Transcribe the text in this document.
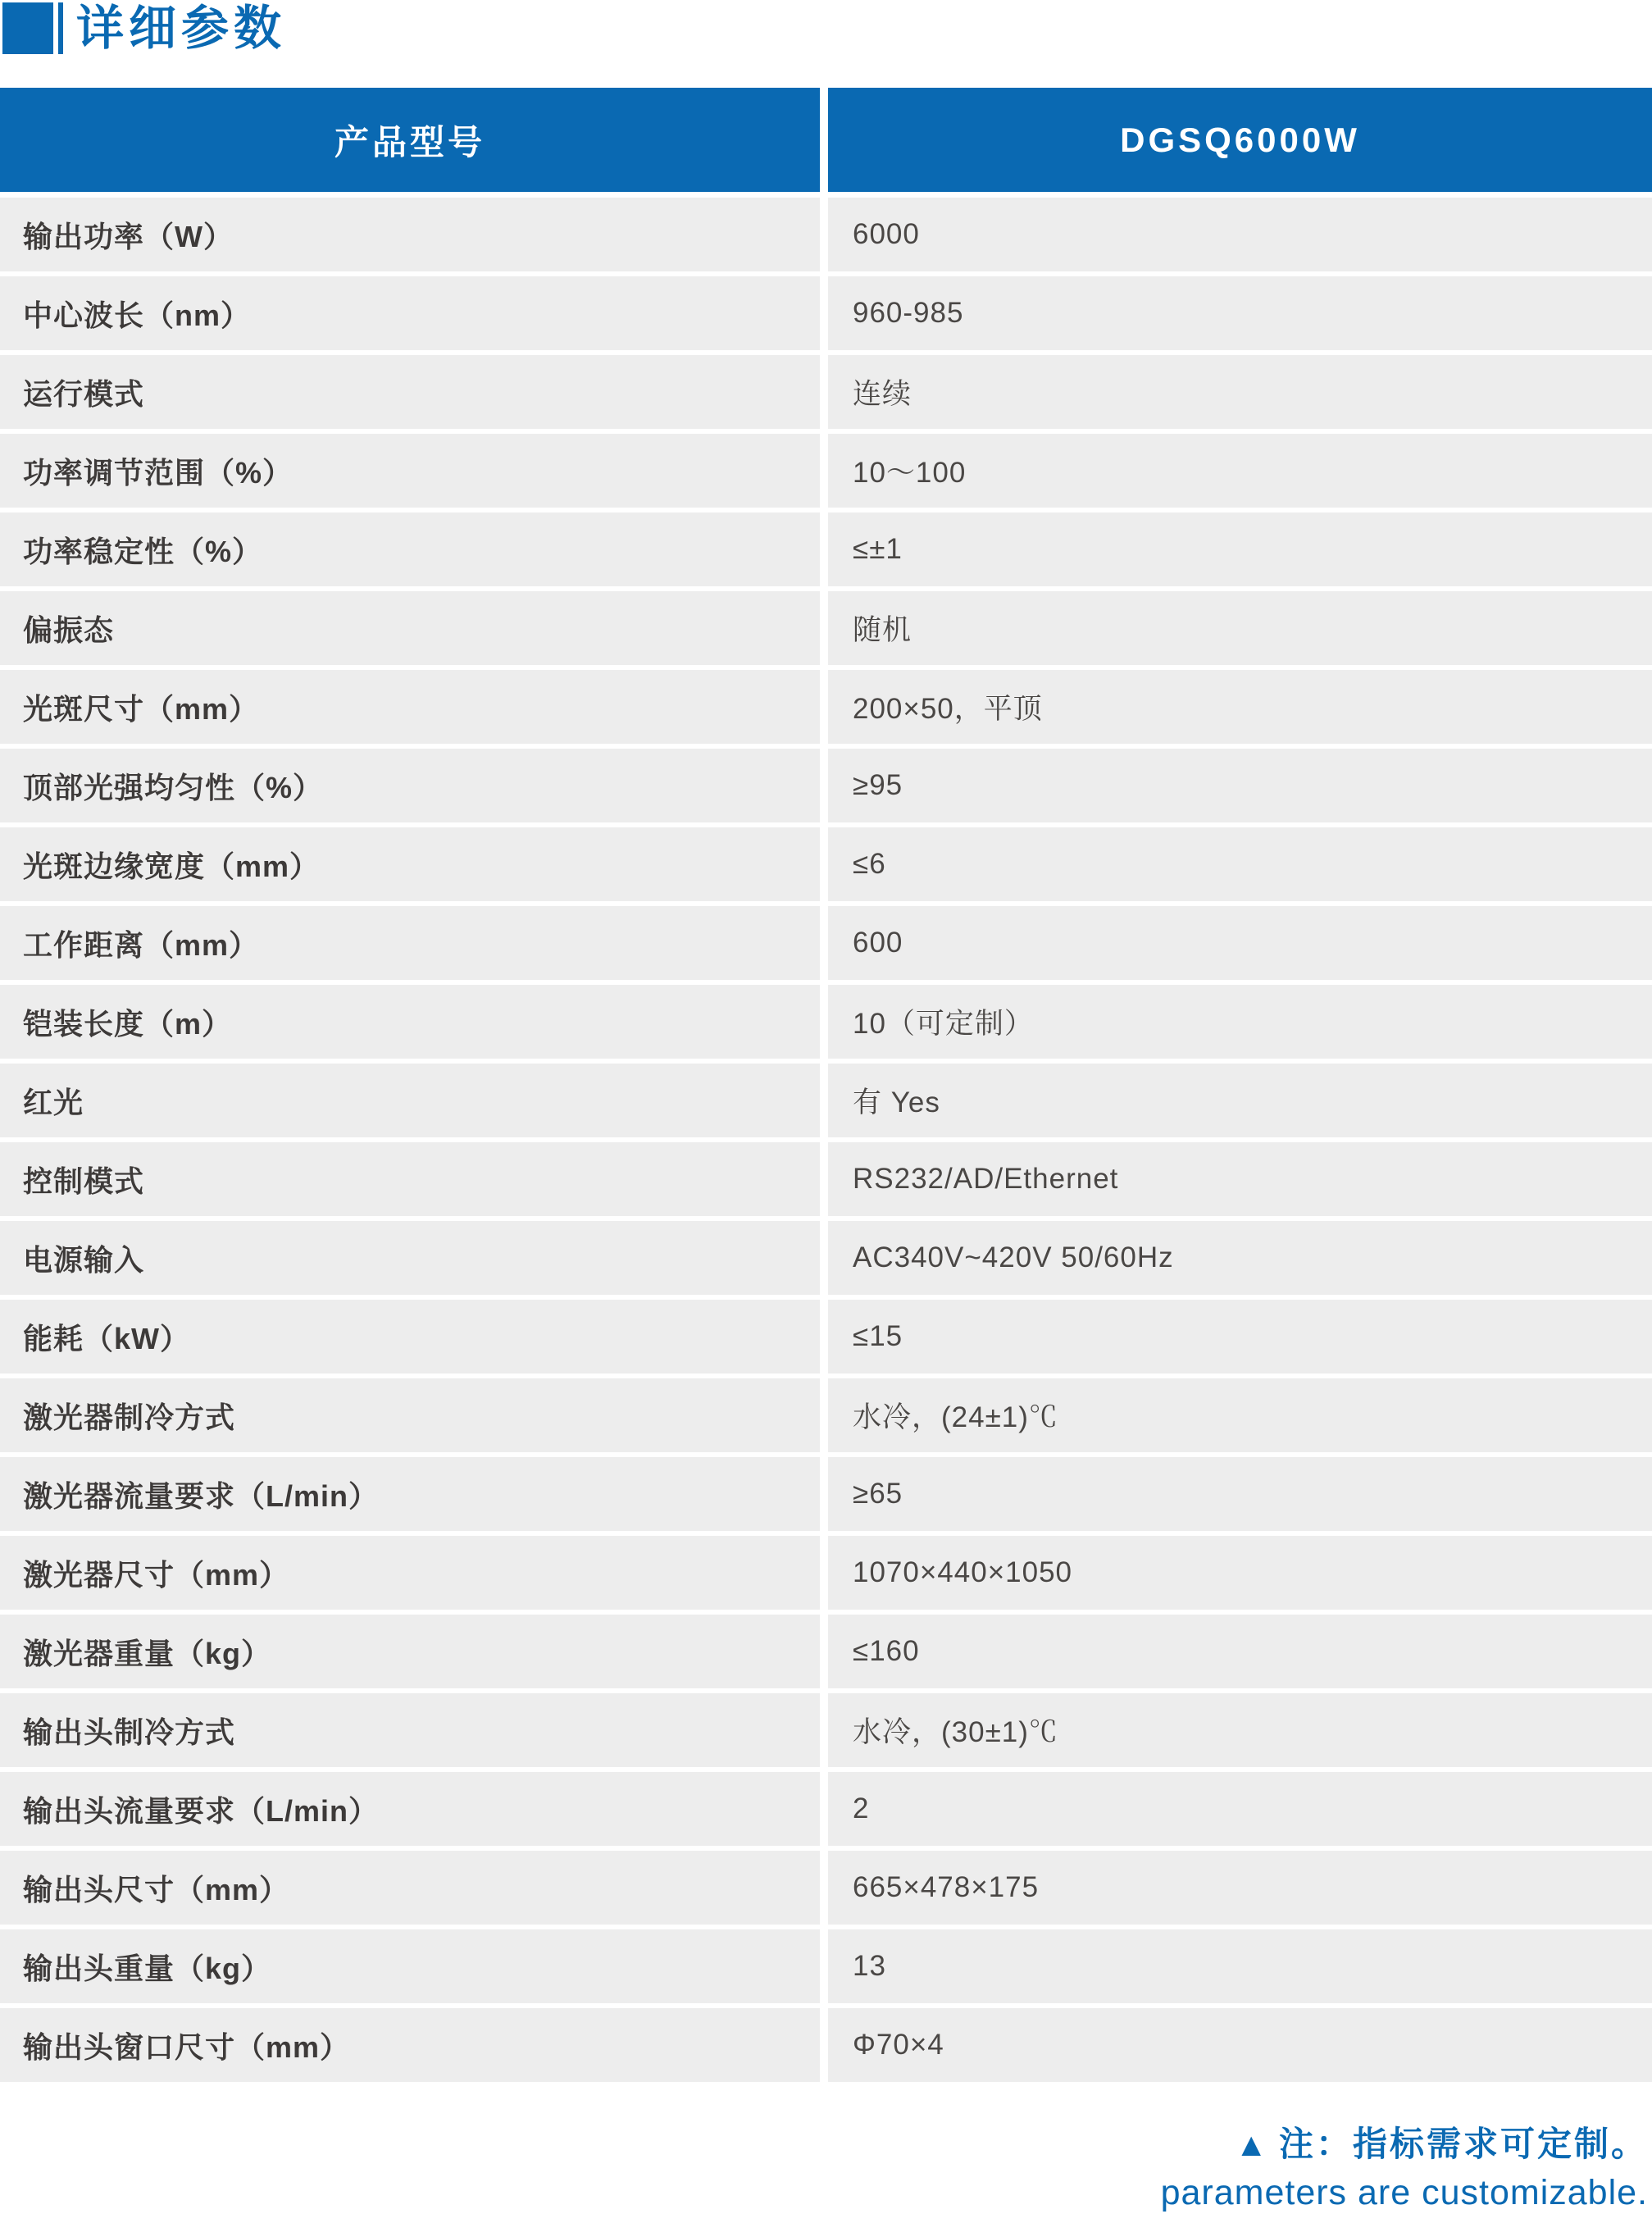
详细参数
产品型号	DGSQ6000W
输出功率（W）	6000
中心波长（nm）	960-985
运行模式	连续
功率调节范围（%）	10～100
功率稳定性（%）	≤±1
偏振态	随机
光斑尺寸（mm）	200×50，平顶
顶部光强均匀性（%）	≥95
光斑边缘宽度（mm）	≤6
工作距离（mm）	600
铠装长度（m）	10（可定制）
红光	有 Yes
控制模式	RS232/AD/Ethernet
电源输入	AC340V~420V 50/60Hz
能耗（kW）	≤15
激光器制冷方式	水冷，(24±1)℃
激光器流量要求（L/min）	≥65
激光器尺寸（mm）	1070×440×1050
激光器重量（kg）	≤160
输出头制冷方式	水冷，(30±1)℃
输出头流量要求（L/min）	2
输出头尺寸（mm）	665×478×175
输出头重量（kg）	13
输出头窗口尺寸（mm）	Φ70×4
▲ 注：指标需求可定制。
parameters are customizable.
